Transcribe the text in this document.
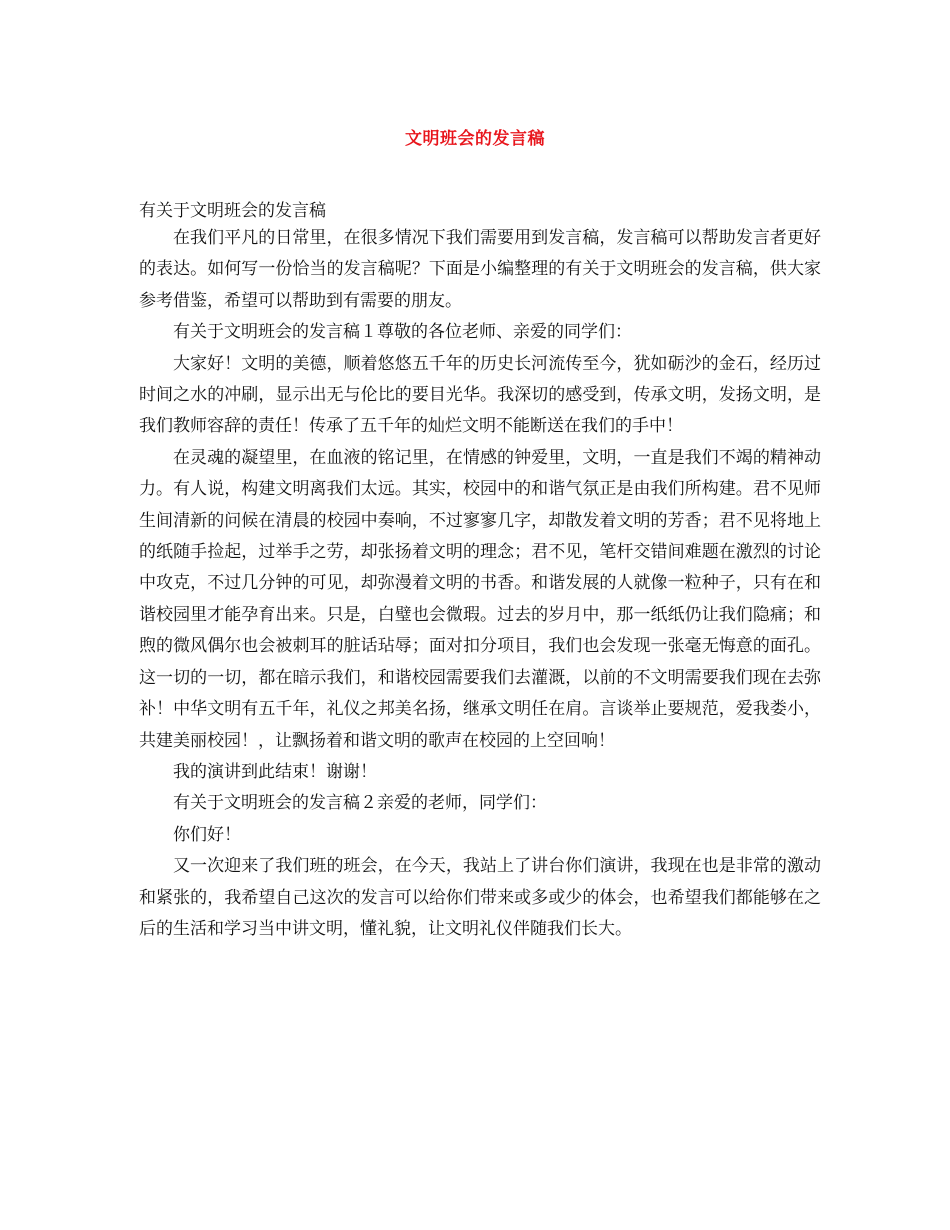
文明班会的发言稿
有关于文明班会的发言稿

在我们平凡的日常里，在很多情况下我们需要用到发言稿，发言稿可以帮助发言者更好的表达。如何写一份恰当的发言稿呢？下面是小编整理的有关于文明班会的发言稿，供大家参考借鉴，希望可以帮助到有需要的朋友。

有关于文明班会的发言稿１尊敬的各位老师、亲爱的同学们：

大家好！文明的美德，顺着悠悠五千年的历史长河流传至今，犹如砺沙的金石，经历过时间之水的冲刷，显示出无与伦比的要目光华。我深切的感受到，传承文明，发扬文明，是我们教师容辞的责任！传承了五千年的灿烂文明不能断送在我们的手中！

在灵魂的凝望里，在血液的铭记里，在情感的钟爱里，文明，一直是我们不竭的精神动力。有人说，构建文明离我们太远。其实，校园中的和谐气氛正是由我们所构建。君不见师生间清新的问候在清晨的校园中奏响，不过寥寥几字，却散发着文明的芳香；君不见将地上的纸随手捡起，过举手之劳，却张扬着文明的理念；君不见，笔杆交错间难题在激烈的讨论中攻克，不过几分钟的可见，却弥漫着文明的书香。和谐发展的人就像一粒种子，只有在和谐校园里才能孕育出来。只是，白璧也会微瑕。过去的岁月中，那一纸纸仍让我们隐痛；和煦的微风偶尔也会被刺耳的脏话玷辱；面对扣分项目，我们也会发现一张毫无悔意的面孔。这一切的一切，都在暗示我们，和谐校园需要我们去灌溉，以前的不文明需要我们现在去弥补！中华文明有五千年，礼仪之邦美名扬，继承文明任在肩。言谈举止要规范，爱我娄小，共建美丽校园！，让飘扬着和谐文明的歌声在校园的上空回响！

我的演讲到此结束！谢谢！

有关于文明班会的发言稿２亲爱的老师，同学们：

你们好！

又一次迎来了我们班的班会，在今天，我站上了讲台你们演讲，我现在也是非常的激动和紧张的，我希望自己这次的发言可以给你们带来或多或少的体会，也希望我们都能够在之后的生活和学习当中讲文明，懂礼貌，让文明礼仪伴随我们长大。
